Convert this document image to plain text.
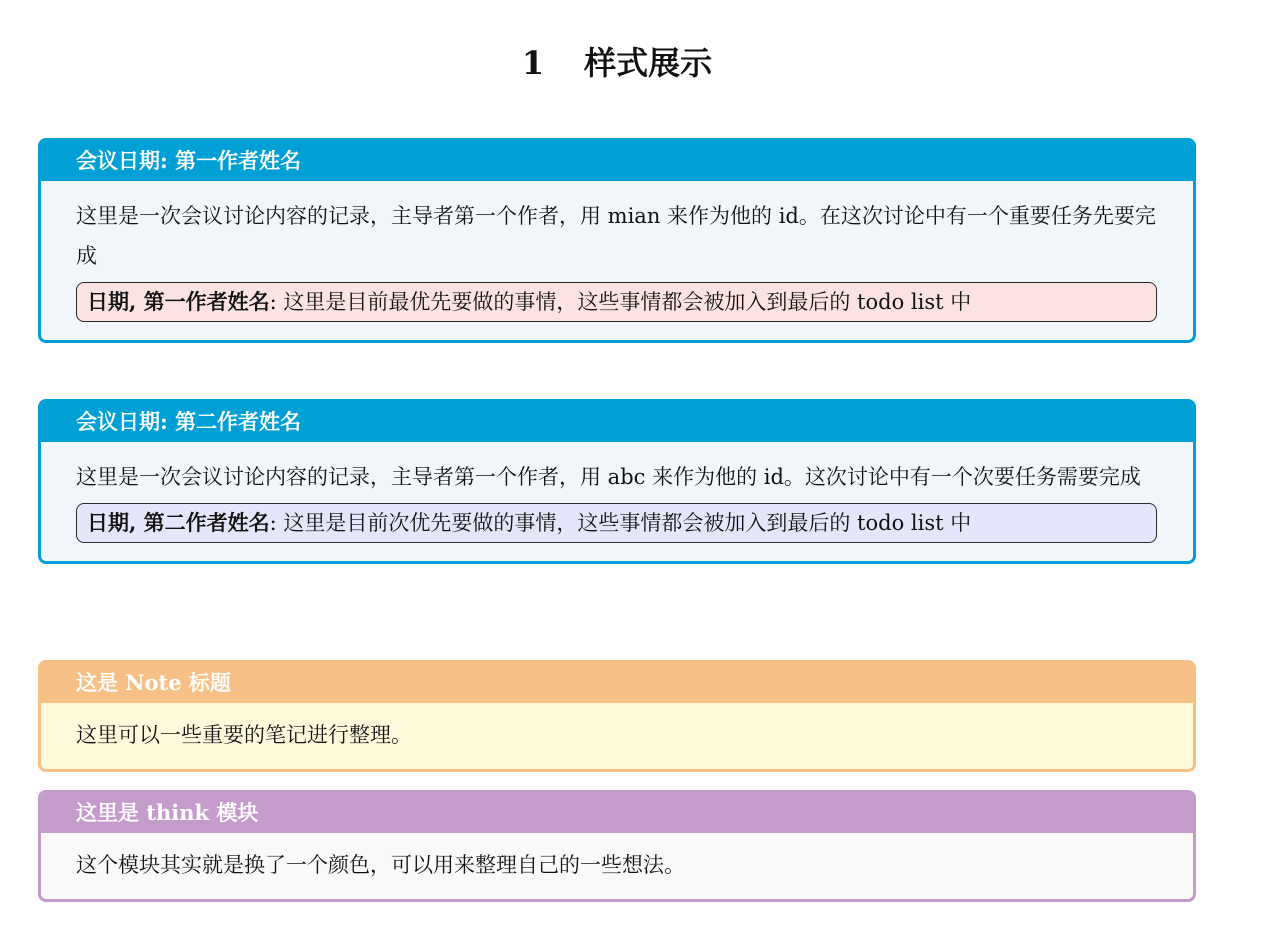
1 样式展示
会议日期: 第一作者姓名
这里是一次会议讨论内容的记录，主导者第一个作者，用 mian 来作为他的 id。在这次讨论中有一个重要任务先要完成
日期, 第一作者姓名: 这里是目前最优先要做的事情，这些事情都会被加入到最后的 todo list 中
会议日期: 第二作者姓名
这里是一次会议讨论内容的记录，主导者第一个作者，用 abc 来作为他的 id。这次讨论中有一个次要任务需要完成
日期, 第二作者姓名: 这里是目前次优先要做的事情，这些事情都会被加入到最后的 todo list 中
这是 Note 标题
这里可以一些重要的笔记进行整理。
这里是 think 模块
这个模块其实就是换了一个颜色，可以用来整理自己的一些想法。
